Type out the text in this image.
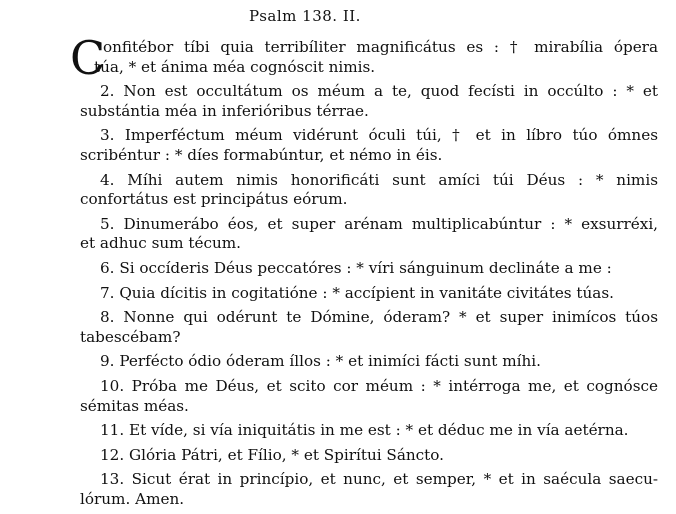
Psalm 138. II.
C
onfitébor tíbi quia terribíliter magnificátus es : † mirabília ópera
túa, * et ánima méa cognóscit nimis.
2. Non est occultátum os méum a te, quod fecísti in occúlto : * et
substántia méa in inferióribus térrae.
3. Imperféctum méum vidérunt óculi túi, † et in líbro túo ómnes
scribéntur : * díes formabúntur, et némo in éis.
4. Míhi autem nimis honorificáti sunt amíci túi Déus : * nimis
confortátus est principátus eórum.
5. Dinumerábo éos, et super arénam multiplicabúntur : * exsurréxi,
et adhuc sum técum.
6. Si occíderis Déus peccatóres : * víri sánguinum declináte a me :
7. Quia dícitis in cogitatióne : * accípient in vanitáte civitátes túas.
8. Nonne qui odérunt te Dómine, óderam? * et super inimícos túos
tabescébam?
9. Perfécto ódio óderam íllos : * et inimíci fácti sunt míhi.
10. Próba me Déus, et scito cor méum : * intérroga me, et cognósce
sémitas méas.
11. Et víde, si vía iniquitátis in me est : * et déduc me in vía aetérna.
12. Glória Pátri, et Fílio, * et Spirítui Sáncto.
13. Sicut érat in princípio, et nunc, et semper, * et in saécula saecu-
lórum. Amen.
